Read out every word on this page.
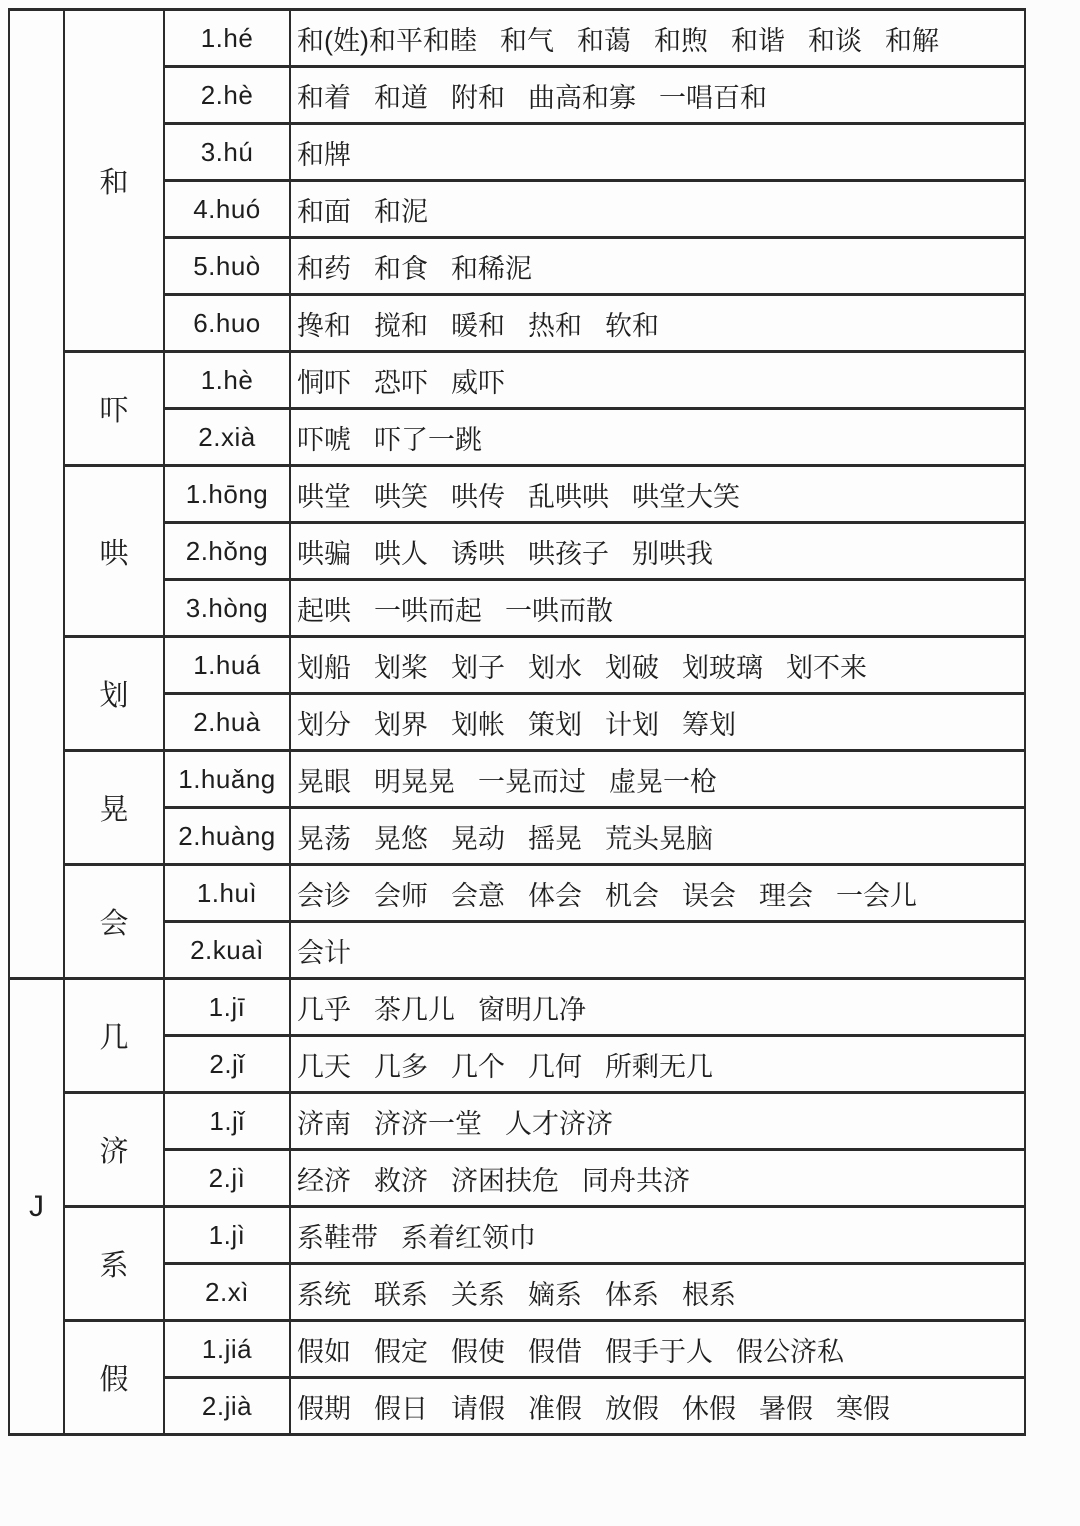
	和	1.hé	和(姓)和平和睦 和气 和蔼 和煦 和谐 和谈 和解
		2.hè	和着 和道 附和 曲高和寡 一唱百和
		3.hú	和牌
		4.huó	和面 和泥
		5.huò	和药 和食 和稀泥
		6.huo	搀和 搅和 暖和 热和 软和
	吓	1.hè	恫吓 恐吓 威吓
		2.xià	吓唬 吓了一跳
	哄	1.hōng	哄堂 哄笑 哄传 乱哄哄 哄堂大笑
		2.hǒng	哄骗 哄人 诱哄 哄孩子 别哄我
		3.hòng	起哄 一哄而起 一哄而散
	划	1.huá	划船 划桨 划子 划水 划破 划玻璃 划不来
		2.huà	划分 划界 划帐 策划 计划 筹划
	晃	1.huǎng	晃眼 明晃晃 一晃而过 虚晃一枪
		2.huàng	晃荡 晃悠 晃动 摇晃 荒头晃脑
	会	1.huì	会诊 会师 会意 体会 机会 误会 理会 一会儿
		2.kuaì	会计
J	几	1.jī	几乎 茶几儿 窗明几净
		2.jǐ	几天 几多 几个 几何 所剩无几
	济	1.jǐ	济南 济济一堂 人才济济
		2.jì	经济 救济 济困扶危 同舟共济
	系	1.jì	系鞋带 系着红领巾
		2.xì	系统 联系 关系 嫡系 体系 根系
	假	1.jiá	假如 假定 假使 假借 假手于人 假公济私
		2.jià	假期 假日 请假 准假 放假 休假 暑假 寒假
